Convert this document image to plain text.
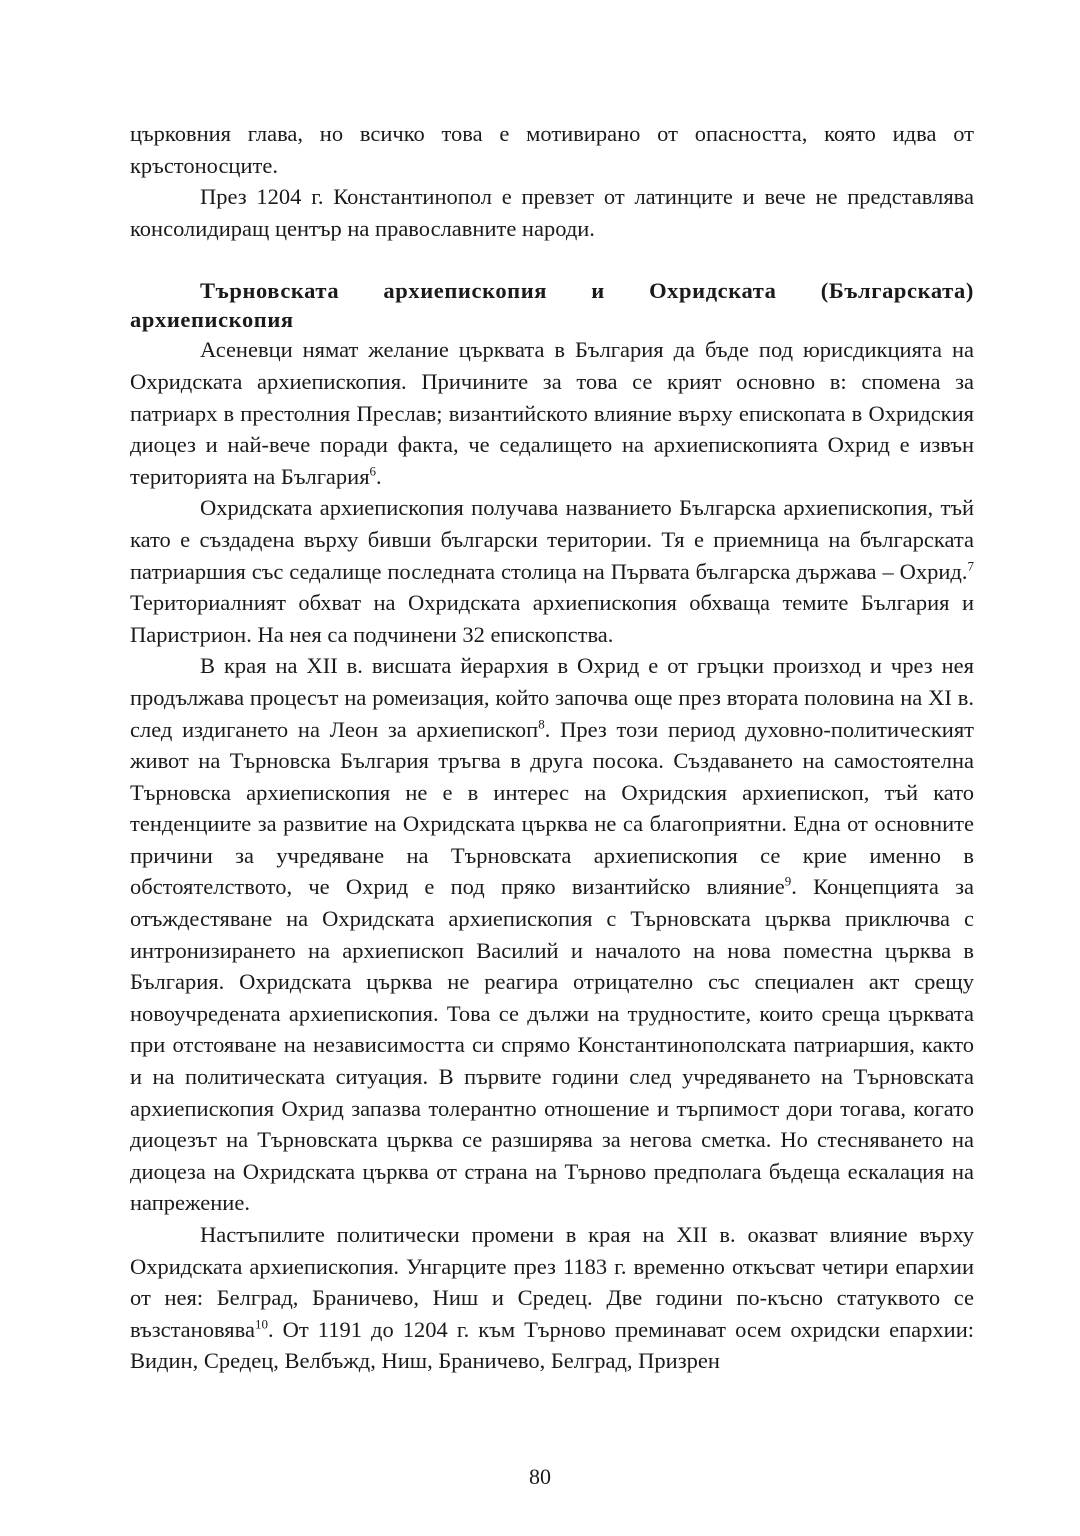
църковния глава, но всичко това е мотивирано от опасността, която идва от кръстоносците.

През 1204 г. Константинопол е превзет от латинците и вече не представлява консолидиращ център на православните народи.

Търновската архиепископия и Охридската (Българската) архиепископия

Асеневци нямат желание църквата в България да бъде под юрисдикцията на Охридската архиепископия. Причините за това се крият основно в: спомена за патриарх в престолния Преслав; византийското влияние върху епископата в Охридския диоцез и най-вече поради факта, че седалището на архиепископията Охрид е извън територията на България$^6$.

Охридската архиепископия получава названието Българска архиепископия, тъй като е създадена върху бивши български територии. Тя е приемница на българската патриаршия със седалище последната столица на Първата българска държава – Охрид.$^7$ Териториалният обхват на Охридската архиепископия обхваща темите България и Паристрион. На нея са подчинени 32 епископства.

В края на XII в. висшата йерархия в Охрид е от гръцки произход и чрез нея продължава процесът на ромеизация, който започва още през втората половина на XI в. след издигането на Леон за архиепископ$^8$. През този период духовно-политическият живот на Търновска България тръгва в друга посока. Създаването на самостоятелна Търновска архиепископия не е в интерес на Охридския архиепископ, тъй като тенденциите за развитие на Охридската църква не са благоприятни. Една от основните причини за учредяване на Търновската архиепископия се крие именно в обстоятелството, че Охрид е под пряко византийско влияние$^9$. Концепцията за отъждестяване на Охридската архиепископия с Търновската църква приключва с интронизирането на архиепископ Василий и началото на нова поместна църква в България. Охридската църква не реагира отрицателно със специален акт срещу новоучредената архиепископия. Това се дължи на трудностите, които среща църквата при отстояване на независимостта си спрямо Константинополската патриаршия, както и на политическата ситуация. В първите години след учредяването на Търновската архиепископия Охрид запазва толерантно отношение и търпимост дори тогава, когато диоцезът на Търновската църква се разширява за негова сметка. Но стесняването на диоцеза на Охридската църква от страна на Търново предполага бъдеща ескалация на напрежение.

Настъпилите политически промени в края на XII в. оказват влияние върху Охридската архиепископия. Унгарците през 1183 г. временно откъсват четири епархии от нея: Белград, Браничево, Ниш и Средец. Две години по-късно статуквото се възстановява$^{10}$. От 1191 до 1204 г. към Търново преминават осем охридски епархии: Видин, Средец, Велбъжд, Ниш, Браничево, Белград, Призрен

80
